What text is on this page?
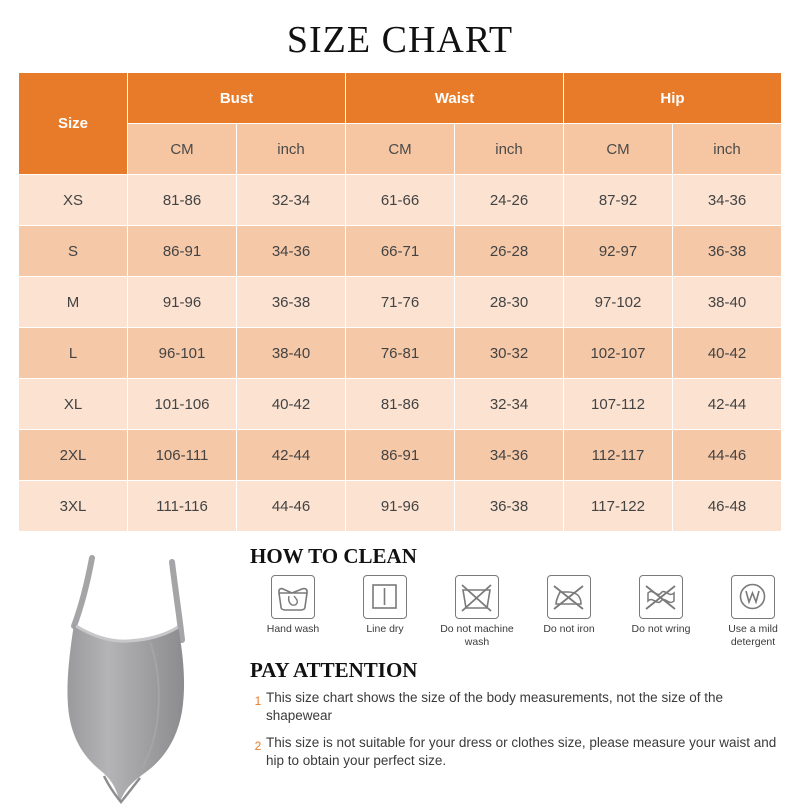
SIZE CHART
Size	Bust		Waist		Hip	
	CM	inch	CM	inch	CM	inch
XS	81-86	32-34	61-66	24-26	87-92	34-36
S	86-91	34-36	66-71	26-28	92-97	36-38
M	91-96	36-38	71-76	28-30	97-102	38-40
L	96-101	38-40	76-81	30-32	102-107	40-42
XL	101-106	40-42	81-86	32-34	107-112	42-44
2XL	106-111	42-44	86-91	34-36	112-117	44-46
3XL	111-116	44-46	91-96	36-38	117-122	46-48
HOW TO CLEAN
Hand wash	Line dry	Do not machine wash
Do not iron	Do not wring	Use a mild detergent
PAY ATTENTION
1 This size chart shows the size of the body measurements, not the size of the shapewear
2 This size is not suitable for your dress or clothes size, please measure your waist and hip to obtain your perfect size.
